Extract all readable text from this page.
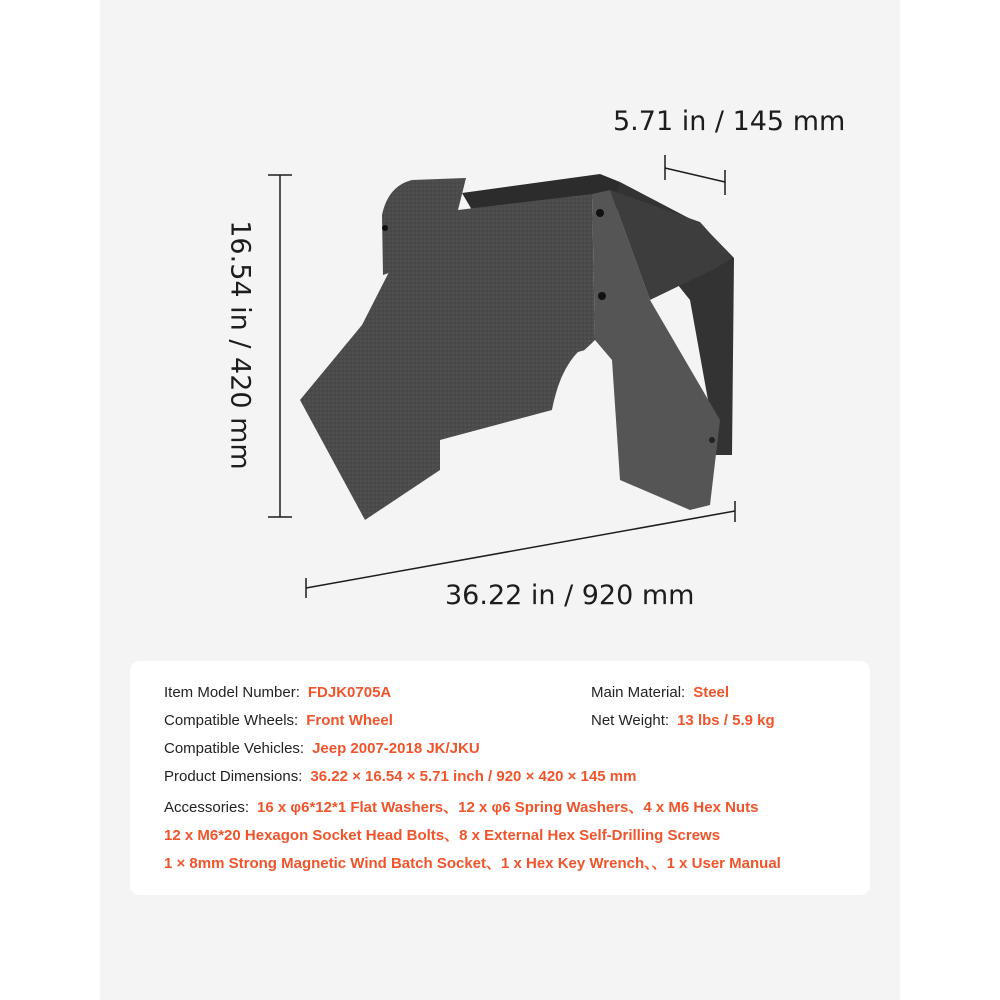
5.71 in / 145 mm
16.54 in / 420 mm
36.22 in / 920 mm
Item Model Number: FDJK0705A	Main Material: Steel
Compatible Wheels: Front Wheel	Net Weight: 13 lbs / 5.9 kg
Compatible Vehicles: Jeep 2007-2018 JK/JKU
Product Dimensions: 36.22 × 16.54 × 5.71 inch / 920 × 420 × 145 mm
Accessories: 16 x φ6*12*1 Flat Washers、12 x φ6 Spring Washers、4 x M6 Hex Nuts
12 x M6*20 Hexagon Socket Head Bolts、8 x External Hex Self-Drilling Screws
1 × 8mm Strong Magnetic Wind Batch Socket、1 x Hex Key Wrench、、1 x User Manual
